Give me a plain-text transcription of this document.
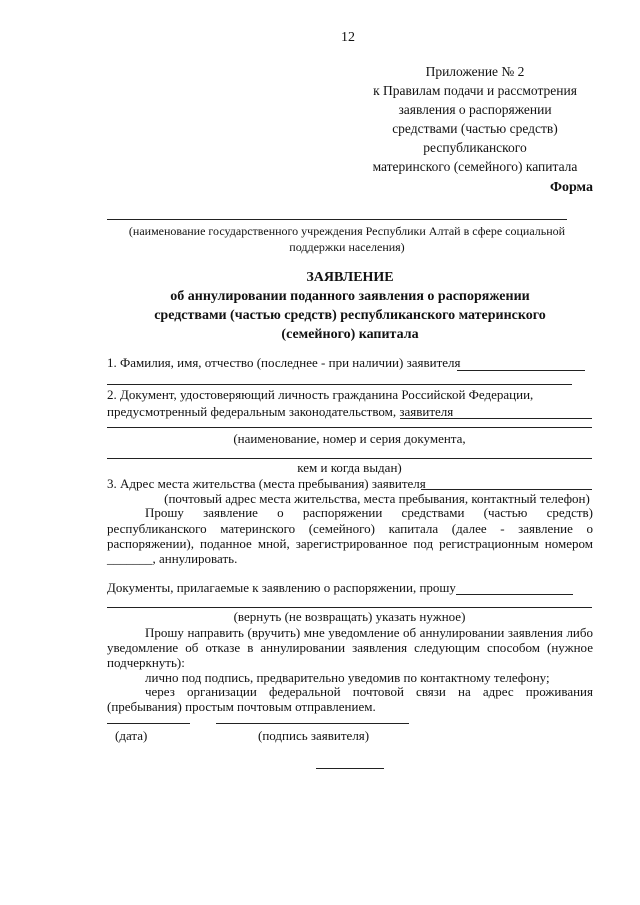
12
Приложение № 2
к Правилам подачи и рассмотрения
заявления о распоряжении
средствами (частью средств)
республиканского
материнского (семейного) капитала
Форма
(наименование государственного учреждения Республики Алтай в сфере социальной
поддержки населения)
ЗАЯВЛЕНИЕ
об аннулировании поданного заявления о распоряжении
средствами (частью средств) республиканского материнского
(семейного) капитала
1. Фамилия, имя, отчество (последнее - при наличии) заявителя
2. Документ, удостоверяющий личность гражданина Российской Федерации,
предусмотренный федеральным законодательством, заявителя
(наименование, номер и серия документа,
кем и когда выдан)
3. Адрес места жительства (места пребывания) заявителя
(почтовый адрес места жительства, места пребывания, контактный телефон)
Прошу заявление о распоряжении средствами (частью средств)
республиканского материнского (семейного) капитала (далее - заявление о
распоряжении), поданное мной, зарегистрированное под регистрационным номером
_______, аннулировать.
Документы, прилагаемые к заявлению о распоряжении, прошу
(вернуть (не возвращать) указать нужное)
Прошу направить (вручить) мне уведомление об аннулировании заявления либо
уведомление об отказе в аннулировании заявления следующим способом (нужное
подчеркнуть):
лично под подпись, предварительно уведомив по контактному телефону;
через организации федеральной почтовой связи на адрес проживания
(пребывания) простым почтовым отправлением.
(дата)	(подпись заявителя)
